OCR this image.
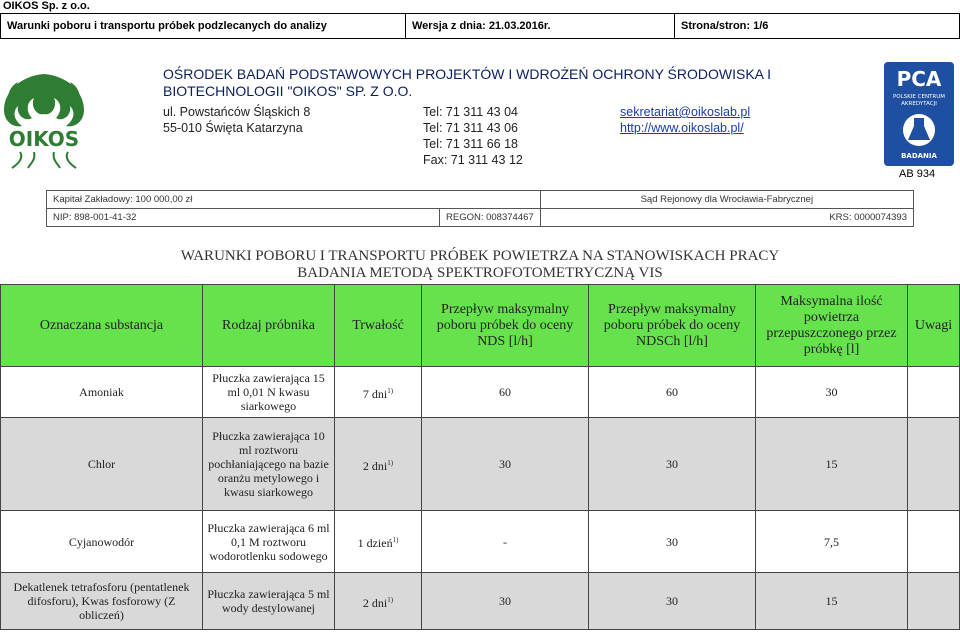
OIKOS Sp. z o.o.
Warunki poboru i transportu próbek podzlecanych do analizy	Wersja z dnia: 21.03.2016r.	Strona/stron: 1/6
OIKOS
OŚRODEK BADAŃ PODSTAWOWYCH PROJEKTÓW I WDROŻEŃ OCHRONY ŚRODOWISKA I
BIOTECHNOLOGII "OIKOS" SP. Z O.O.
ul. Powstańców Śląskich 8
55-010 Święta Katarzyna
Tel: 71 311 43 04
Tel: 71 311 43 06
Tel: 71 311 66 18
Fax: 71 311 43 12
sekretariat@oikoslab.pl
http://www.oikoslab.pl/
PCA
POLSKIE CENTRUM
AKREDYTACJI
BADANIA
AB 934
Kapitał Zakładowy: 100 000,00 zł		Sąd Rejonowy dla Wrocławia-Fabrycznej
NIP: 898-001-41-32	REGON: 008374467	KRS: 0000074393
WARUNKI POBORU I TRANSPORTU PRÓBEK POWIETRZA NA STANOWISKACH PRACY
BADANIA METODĄ SPEKTROFOTOMETRYCZNĄ VIS
Oznaczana substancja	Rodzaj próbnika	Trwałość	Przepływ maksymalny poboru próbek do oceny NDS [l/h]	Przepływ maksymalny poboru próbek do oceny NDSCh [l/h]	Maksymalna ilość powietrza przepuszczonego przez próbkę [l]	Uwagi
Amoniak	Płuczka zawierająca 15 ml 0,01 N kwasu siarkowego	7 dni$^{1)}$	60	60	30	
Chlor	Płuczka zawierająca 10 ml roztworu pochłaniającego na bazie oranżu metylowego i kwasu siarkowego	2 dni$^{1)}$	30	30	15	
Cyjanowodór	Płuczka zawierająca 6 ml 0,1 M roztworu wodorotlenku sodowego	1 dzień$^{1)}$	-	30	7,5	
Dekatlenek tetrafosforu (pentatlenek difosforu), Kwas fosforowy (Z obliczeń)	Płuczka zawierająca 5 ml wody destylowanej	2 dni$^{1)}$	30	30	15	
